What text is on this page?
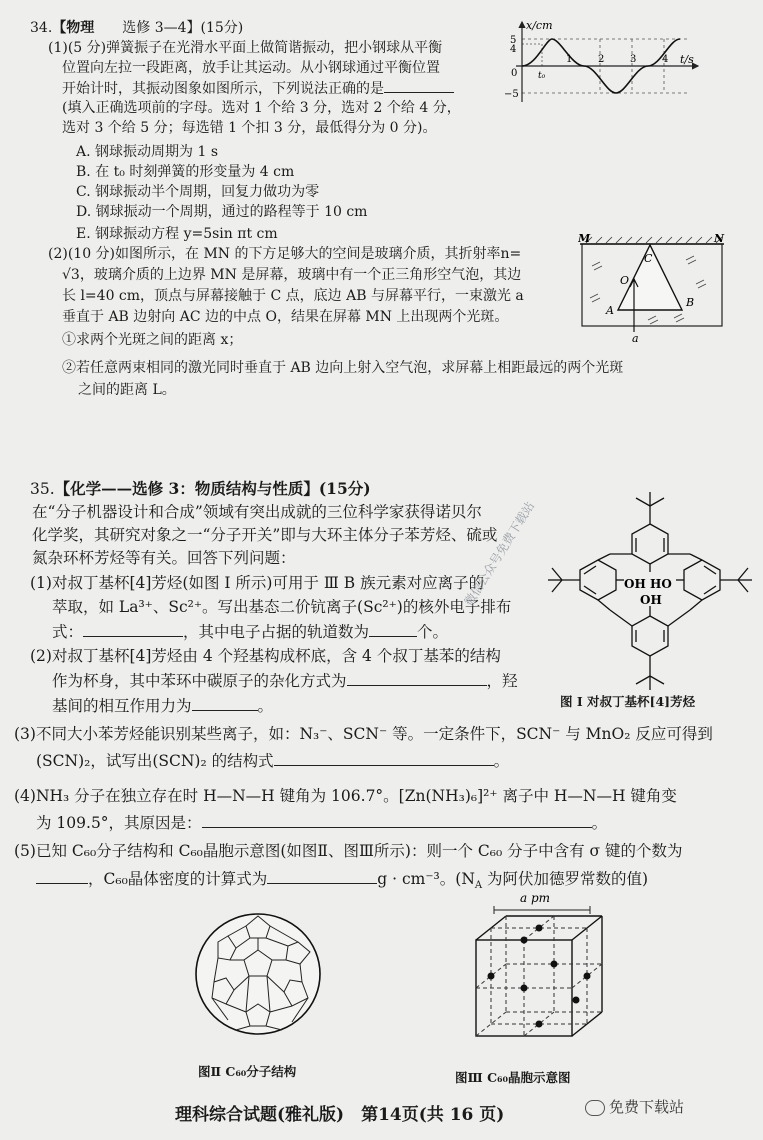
34.【物理　　 选修 3—4】(15分)
(1)(5 分)弹簧振子在光滑水平面上做简谐振动，把小钢球从平衡
位置向左拉一段距离，放手让其运动。从小钢球通过平衡位置
开始计时，其振动图象如图所示，下列说法正确的是
(填入正确选项前的字母。选对 1 个给 3 分，选对 2 个给 4 分，
选对 3 个给 5 分；每选错 1 个扣 3 分，最低得分为 0 分)。
A. 钢球振动周期为 1 s
B. 在 t₀ 时刻弹簧的形变量为 4 cm
C. 钢球振动半个周期，回复力做功为零
D. 钢球振动一个周期，通过的路程等于 10 cm
E. 钢球振动方程 y=5sin πt cm
(2)(10 分)如图所示，在 MN 的下方足够大的空间是玻璃介质，其折射率n=
√3，玻璃介质的上边界 MN 是屏幕，玻璃中有一个正三角形空气泡，其边
长 l=40 cm，顶点与屏幕接触于 C 点，底边 AB 与屏幕平行，一束激光 a
垂直于 AB 边射向 AC 边的中点 O，结果在屏幕 MN 上出现两个光斑。
①求两个光斑之间的距离 x；
②若任意两束相同的激光同时垂直于 AB 边向上射入空气泡，求屏幕上相距最远的两个光斑
之间的距离 L。
x/cm
t/s
5
4
0
−5
t₀
1	2	3	4
M	N
C
O
A
B
a
35.【化学——选修 3：物质结构与性质】(15分)
在“分子机器设计和合成”领域有突出成就的三位科学家获得诺贝尔
化学奖，其研究对象之一“分子开关”即与大环主体分子苯芳烃、硫或
氮杂环杯芳烃等有关。回答下列问题：
(1)对叔丁基杯[4]芳烃(如图 I 所示)可用于 Ⅲ B 族元素对应离子的
萃取，如 La³⁺、Sc²⁺。写出基态二价钪离子(Sc²⁺)的核外电子排布
式：	，其中电子占据的轨道数为	个。
(2)对叔丁基杯[4]芳烃由 4 个羟基构成杯底，含 4 个叔丁基苯的结构
作为杯身，其中苯环中碳原子的杂化方式为	，羟
基间的相互作用力为	。
(3)不同大小苯芳烃能识别某些离子，如：N₃⁻、SCN⁻ 等。一定条件下，SCN⁻ 与 MnO₂ 反应可得到
(SCN)₂，试写出(SCN)₂ 的结构式	。
(4)NH₃ 分子在独立存在时 H—N—H 键角为 106.7°。[Zn(NH₃)₆]²⁺ 离子中 H—N—H 键角变
为 109.5°，其原因是：	。
(5)已知 C₆₀分子结构和 C₆₀晶胞示意图(如图Ⅱ、图Ⅲ所示)：则一个 C₆₀ 分子中含有 σ 键的个数为
，C₆₀晶体密度的计算式为	g · cm⁻³。($N_A$ 为阿伏加德罗常数的值)
OH HO
OH
图 I 对叔丁基杯[4]芳烃
微信公众号免费下载站
图Ⅱ C₆₀分子结构
a pm
图Ⅲ C₆₀晶胞示意图
理科综合试题(雅礼版)　第14页(共 16 页)	免费下载站
